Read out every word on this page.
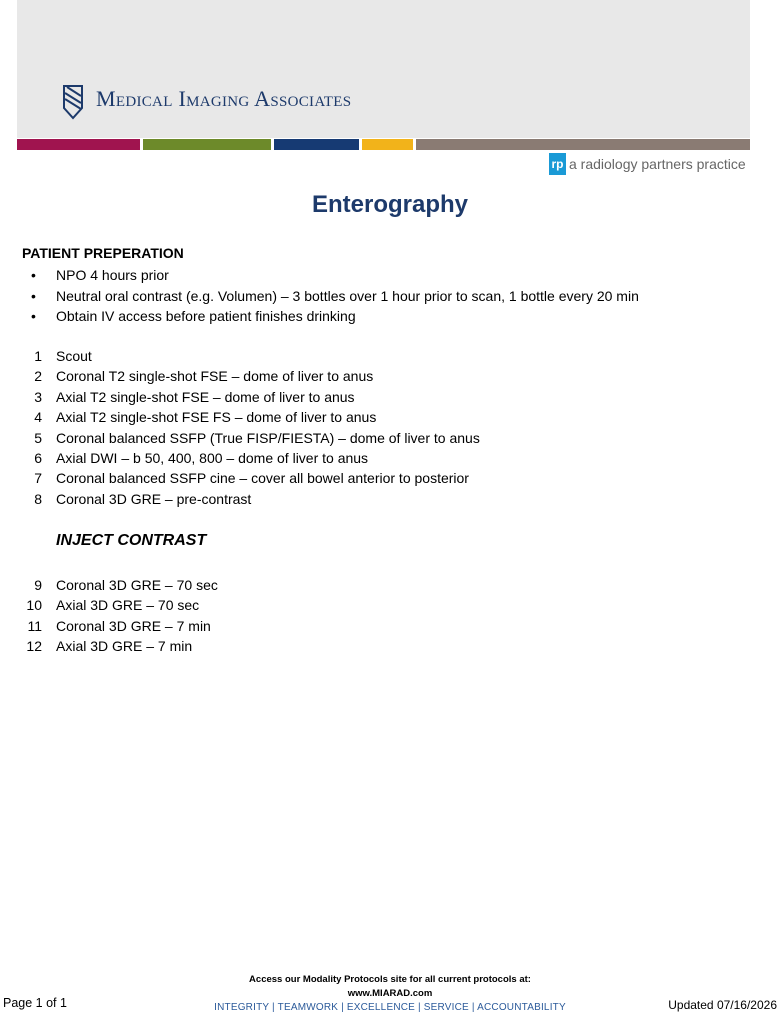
Medical Imaging Associates
rp a radiology partners practice
Enterography
PATIENT PREPERATION
• NPO 4 hours prior
• Neutral oral contrast (e.g. Volumen) – 3 bottles over 1 hour prior to scan, 1 bottle every 20 min
• Obtain IV access before patient finishes drinking
1 Scout
2 Coronal T2 single-shot FSE – dome of liver to anus
3 Axial T2 single-shot FSE – dome of liver to anus
4 Axial T2 single-shot FSE FS – dome of liver to anus
5 Coronal balanced SSFP (True FISP/FIESTA) – dome of liver to anus
6 Axial DWI – b 50, 400, 800 – dome of liver to anus
7 Coronal balanced SSFP cine – cover all bowel anterior to posterior
8 Coronal 3D GRE – pre-contrast
INJECT CONTRAST
9 Coronal 3D GRE – 70 sec
10 Axial 3D GRE – 70 sec
11 Coronal 3D GRE – 7 min
12 Axial 3D GRE – 7 min
Access our Modality Protocols site for all current protocols at:
www.MIARAD.com
INTEGRITY | TEAMWORK | EXCELLENCE | SERVICE | ACCOUNTABILITY
Page 1 of 1	Updated 07/16/2026
